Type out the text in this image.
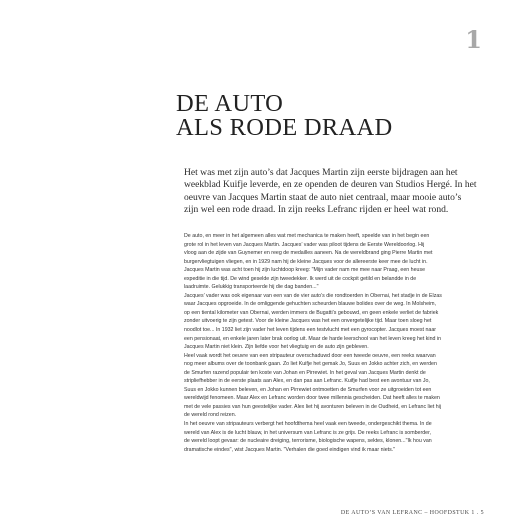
1
DE AUTO
ALS RODE DRAAD
Het was met zijn auto’s dat Jacques Martin zijn eerste bijdragen aan het
weekblad Kuifje leverde, en ze openden de deuren van Studios Hergé. In het
oeuvre van Jacques Martin staat de auto niet centraal, maar mooie auto’s
zijn wel een rode draad. In zijn reeks Lefranc rijden er heel wat rond.
De auto, en meer in het algemeen alles wat met mechanica te maken heeft, speelde van in het begin een
grote rol in het leven van Jacques Martin. Jacques’ vader was piloot tijdens de Eerste Wereldoorlog. Hij
vloog aan de zijde van Guynemer en reeg de medailles aaneen. Na de wereldbrand ging Pierre Martin met
burgervliegtuigen vliegen, en in 1929 nam hij de kleine Jacques voor de allereerste keer mee de lucht in.
Jacques Martin was acht toen hij zijn luchtdoop kreeg: "Mijn vader nam me mee naar Praag, een heuse
expeditie in die tijd. De wind geselde zijn tweedekker. Ik werd uit de cockpit getild en belandde in de
laadruimte. Gelukkig transporteerde hij die dag banden..."
Jacques’ vader was ook eigenaar van een van de vier auto’s die rondtoerden in Obernai, het stadje in de Elzas
waar Jacques opgroeide. In de omliggende gehuchten scheurden blauwe bolides over de weg. In Molsheim,
op een tiental kilometer van Obernai, werden immers de Bugatti’s gebouwd, en geen enkele verliet de fabriek
zonder uitvoerig te zijn getest. Voor de kleine Jacques was het een onvergetelijke tijd. Maar toen sloeg het
noodlot toe... In 1932 liet zijn vader het leven tijdens een testvlucht met een gyrocopter. Jacques moest naar
een pensionaat, en enkele jaren later brak oorlog uit. Maar de harde leerschool van het leven kreeg het kind in
Jacques Martin niet klein. Zijn liefde voor het vliegtuig en de auto zijn gebleven.
Heel vaak wordt het oeuvre van een stripauteur overschaduwd door een tweede oeuvre, een reeks waarvan
nog meer albums over de toonbank gaan. Zo liet Kuifje het gemak Jo, Suus en Jokko achter zich, en werden
de Smurfen razend populair ten koste van Johan en Pirrewiet. In het geval van Jacques Martin denkt de
stripliefhebber in de eerste plaats aan Alex, en dan pas aan Lefranc. Kuifje had best een avontuur van Jo,
Suus en Jokko kunnen beleven, en Johan en Pirrewiet ontmoetten de Smurfen voor ze uitgroeiden tot een
wereldwijd fenomeen. Maar Alex en Lefranc worden door twee millennia gescheiden. Dat heeft alles te maken
met de vele passies van hun geestelijke vader. Alex liet hij avonturen beleven in de Oudheid, en Lefranc liet hij
de wereld rond reizen.
In het oeuvre van stripauteurs verbergt het hoofdthema heel vaak een tweede, ondergeschikt thema. In de
wereld van Alex is de lucht blauw, in het universum van Lefranc is ze grijs. De reeks Lefranc is somberder,
de wereld loopt gevaar: de nucleaire dreiging, terrorisme, biologische wapens, sektes, klonen..."Ik hou van
dramatische eindes", wist Jacques Martin. "Verhalen die goed eindigen vind ik maar niets."
DE AUTO’S VAN LEFRANC – HOOFDSTUK 1 . 5
